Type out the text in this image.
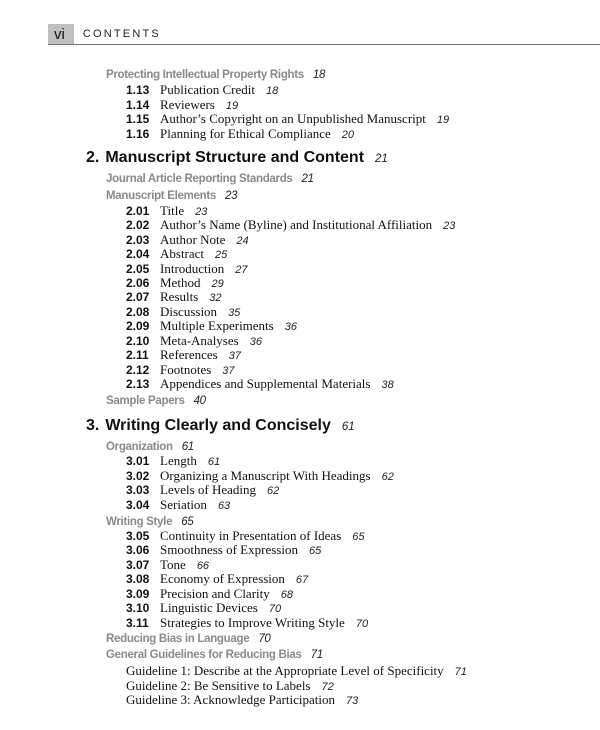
vi	CONTENTS
Protecting Intellectual Property Rights 18
1.13 Publication Credit 18
1.14 Reviewers 19
1.15 Author’s Copyright on an Unpublished Manuscript 19
1.16 Planning for Ethical Compliance 20
2. Manuscript Structure and Content 21
Journal Article Reporting Standards 21
Manuscript Elements 23
2.01 Title 23
2.02 Author’s Name (Byline) and Institutional Affiliation 23
2.03 Author Note 24
2.04 Abstract 25
2.05 Introduction 27
2.06 Method 29
2.07 Results 32
2.08 Discussion 35
2.09 Multiple Experiments 36
2.10 Meta-Analyses 36
2.11 References 37
2.12 Footnotes 37
2.13 Appendices and Supplemental Materials 38
Sample Papers 40
3. Writing Clearly and Concisely 61
Organization 61
3.01 Length 61
3.02 Organizing a Manuscript With Headings 62
3.03 Levels of Heading 62
3.04 Seriation 63
Writing Style 65
3.05 Continuity in Presentation of Ideas 65
3.06 Smoothness of Expression 65
3.07 Tone 66
3.08 Economy of Expression 67
3.09 Precision and Clarity 68
3.10 Linguistic Devices 70
3.11 Strategies to Improve Writing Style 70
Reducing Bias in Language 70
General Guidelines for Reducing Bias 71
Guideline 1: Describe at the Appropriate Level of Specificity 71
Guideline 2: Be Sensitive to Labels 72
Guideline 3: Acknowledge Participation 73
